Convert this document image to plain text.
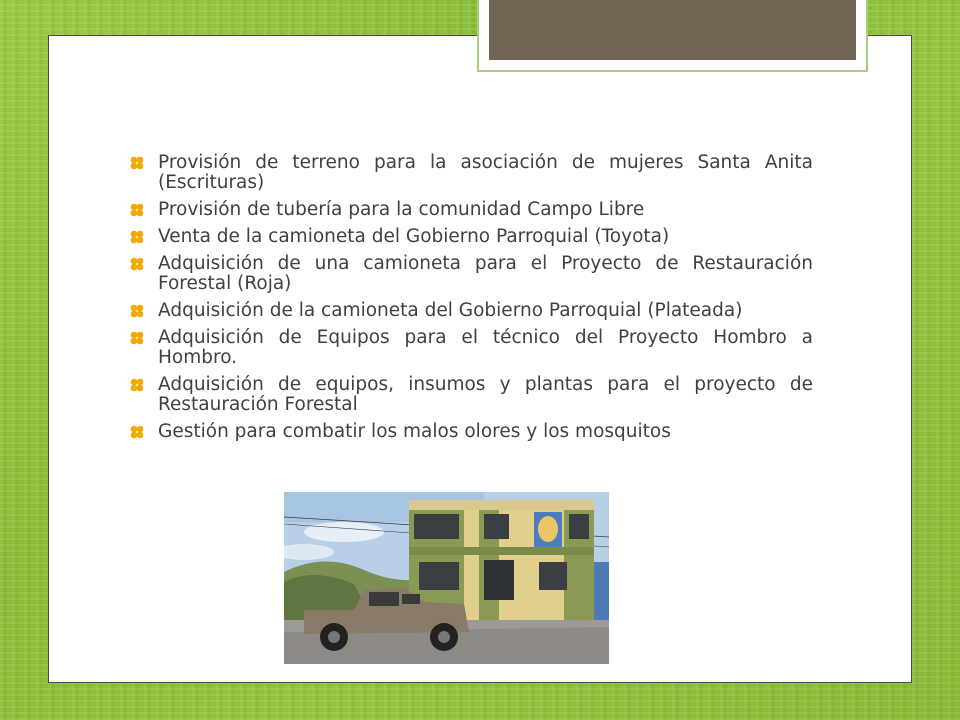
Provisión de terreno para la asociación de mujeres Santa Anita (Escrituras)
Provisión de tubería para la comunidad Campo Libre
Venta de la camioneta del Gobierno Parroquial (Toyota)
Adquisición de una camioneta para el Proyecto de Restauración Forestal (Roja)
Adquisición de la camioneta del Gobierno Parroquial (Plateada)
Adquisición de Equipos para el técnico del Proyecto Hombro a Hombro.
Adquisición de equipos, insumos y plantas para el proyecto de Restauración Forestal
Gestión para combatir los malos olores y los mosquitos
